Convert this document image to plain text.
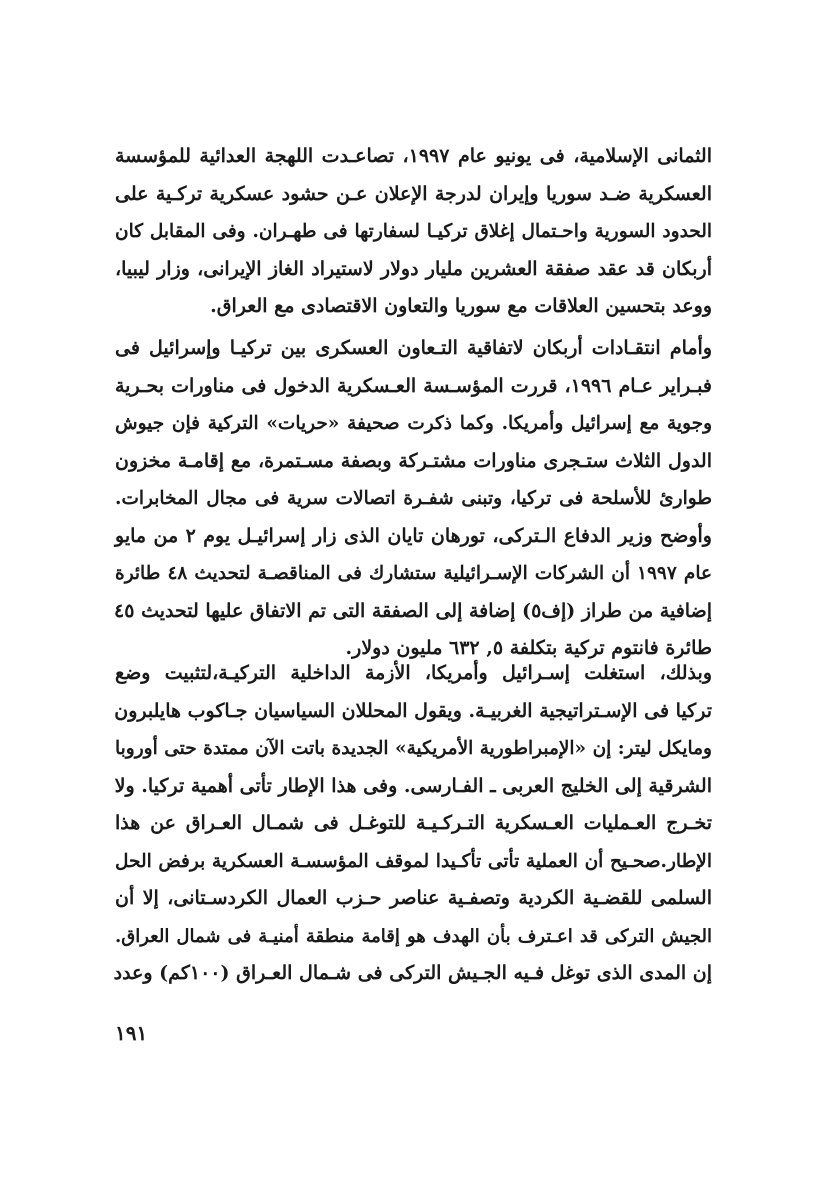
الثمانى الإسلامية، فى يونيو عام ١٩٩٧، تصاعـدت اللهجة العدائية للمؤسسة
العسكرية ضـد سوريا وإيران لدرجة الإعلان عـن حشود عسكرية تركـية على
الحدود السورية واحـتمال إغلاق تركيـا لسفارتها فى طهـران. وفى المقابل كان
أربكان قد عقد صفقة العشرين مليار دولار لاستيراد الغاز الإيرانى، وزار ليبيا،
ووعد بتحسين العلاقات مع سوريا والتعاون الاقتصادى مع العراق.
وأمام انتقـادات أربكان لاتفاقية التـعاون العسكرى بين تركيـا وإسرائيل فى
فبـراير عـام ١٩٩٦، قررت المؤسـسة العـسكرية الدخول فى مناورات بحـرية
وجوية مع إسرائيل وأمريكا. وكما ذكرت صحيفة «حريات» التركية فإن جيوش
الدول الثلاث ستـجرى مناورات مشتـركة وبصفة مسـتمرة، مع إقامـة مخزون
طوارئ للأسلحة فى تركيا، وتبنى شفـرة اتصالات سرية فى مجال المخابرات.
وأوضح وزير الدفاع الـتركى، تورهان تايان الذى زار إسرائيـل يوم ٢ من مايو
عام ١٩٩٧ أن الشركات الإسـرائيلية ستشارك فى المناقصـة لتحديث ٤٨ طائرة
إضافية من طراز (إف٥) إضافة إلى الصفقة التى تم الاتفاق عليها لتحديث ٤٥
طائرة فانتوم تركية بتكلفة ٥, ٦٣٢ مليون دولار.
وبذلك، استغلت إسـرائيل وأمريكا، الأزمة الداخلية التركيـة،لتثبيت وضع
تركيا فى الإسـتراتيجية الغربيـة. ويقول المحللان السياسيان جـاكوب هايلبرون
ومايكل ليتر: إن «الإمبراطورية الأمريكية» الجديدة باتت الآن ممتدة حتى أوروبا
الشرقية إلى الخليج العربى ـ الفـارسى. وفى هذا الإطار تأتى أهمية تركيا. ولا
تخـرج العـمليات العـسكرية التـركـيـة للتوغـل فى شمـال العـراق عن هذا
الإطار.صحـيح أن العملية تأتى تأكـيدا لموقف المؤسسـة العسكرية برفض الحل
السلمى للقضـية الكردية وتصفـية عناصر حـزب العمال الكردسـتانى، إلا أن
الجيش التركى قد اعـترف بأن الهدف هو إقامة منطقة أمنيـة فى شمال العراق.
إن المدى الذى توغل فـيه الجـيش التركى فى شـمال العـراق (١٠٠كم) وعدد
١٩١
